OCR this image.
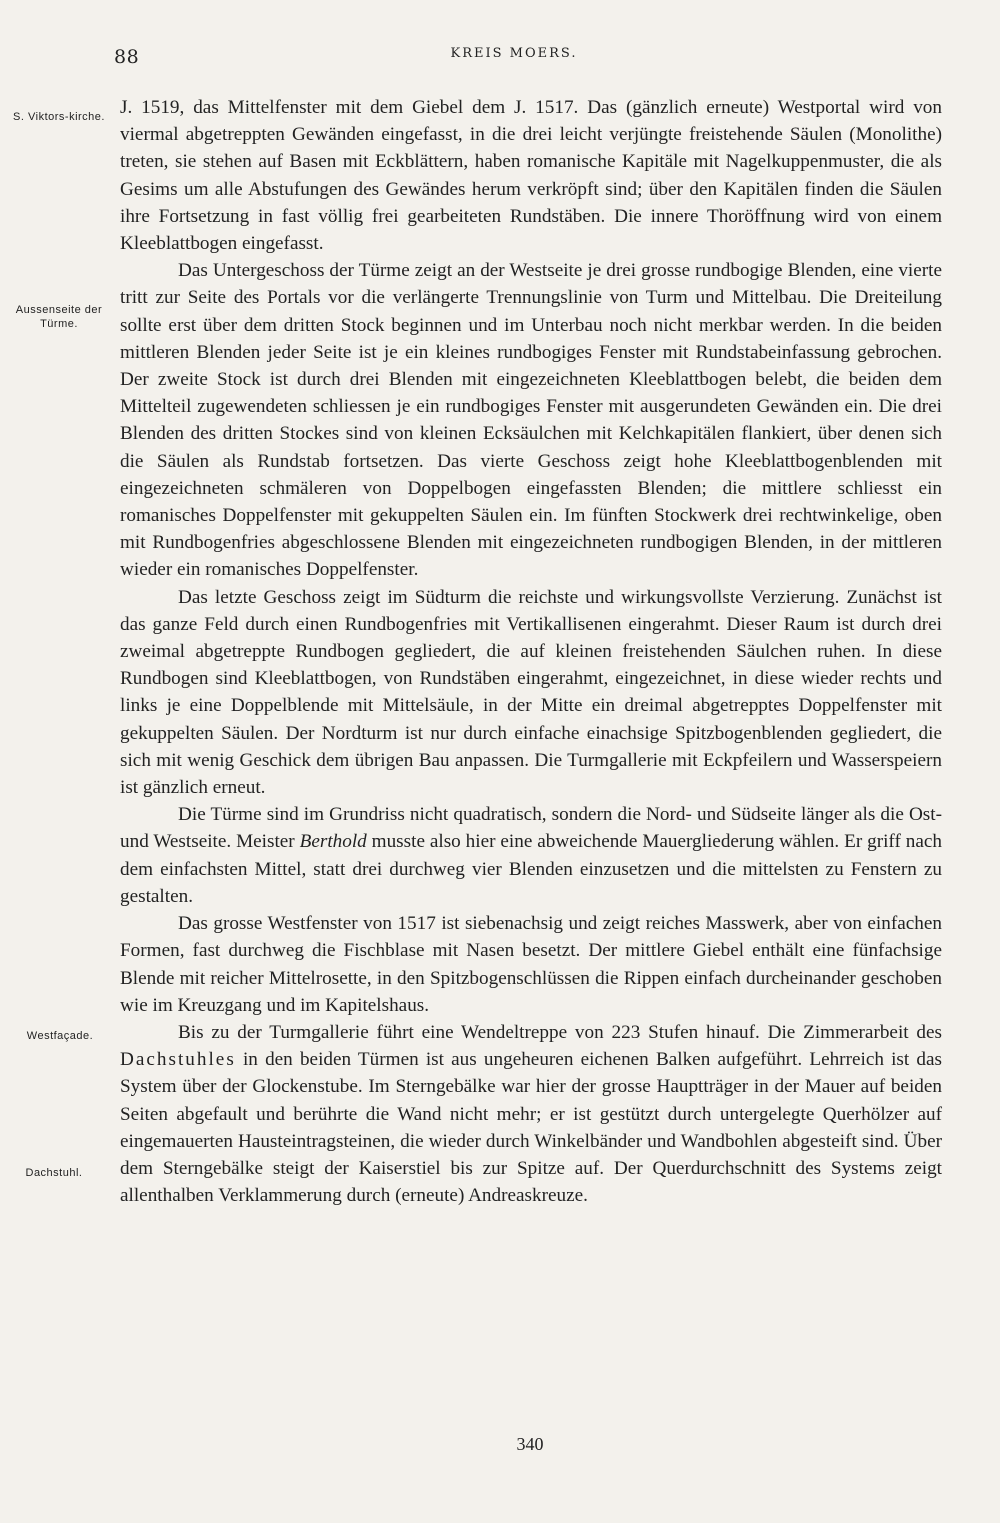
88	KREIS MOERS.
S. Viktors-kirche.
Aussenseite der Türme.
Westfaçade.
Dachstuhl.

J. 1519, das Mittelfenster mit dem Giebel dem J. 1517. Das (gänzlich erneute) Westportal wird von viermal abgetreppten Gewänden eingefasst, in die drei leicht verjüngte freistehende Säulen (Monolithe) treten, sie stehen auf Basen mit Eckblättern, haben romanische Kapitäle mit Nagelkuppenmuster, die als Gesims um alle Abstufungen des Gewändes herum verkröpft sind; über den Kapitälen finden die Säulen ihre Fortsetzung in fast völlig frei gearbeiteten Rundstäben. Die innere Thoröffnung wird von einem Kleeblattbogen eingefasst.

Das Untergeschoss der Türme zeigt an der Westseite je drei grosse rundbogige Blenden, eine vierte tritt zur Seite des Portals vor die verlängerte Trennungslinie von Turm und Mittelbau. Die Dreiteilung sollte erst über dem dritten Stock beginnen und im Unterbau noch nicht merkbar werden. In die beiden mittleren Blenden jeder Seite ist je ein kleines rundbogiges Fenster mit Rundstabeinfassung gebrochen. Der zweite Stock ist durch drei Blenden mit eingezeichneten Kleeblattbogen belebt, die beiden dem Mittelteil zugewendeten schliessen je ein rundbogiges Fenster mit ausgerundeten Gewänden ein. Die drei Blenden des dritten Stockes sind von kleinen Ecksäulchen mit Kelchkapitälen flankiert, über denen sich die Säulen als Rundstab fortsetzen. Das vierte Geschoss zeigt hohe Kleeblattbogenblenden mit eingezeichneten schmäleren von Doppelbogen eingefassten Blenden; die mittlere schliesst ein romanisches Doppelfenster mit gekuppelten Säulen ein. Im fünften Stockwerk drei rechtwinkelige, oben mit Rundbogenfries abgeschlossene Blenden mit eingezeichneten rundbogigen Blenden, in der mittleren wieder ein romanisches Doppelfenster.

Das letzte Geschoss zeigt im Südturm die reichste und wirkungsvollste Verzierung. Zunächst ist das ganze Feld durch einen Rundbogenfries mit Vertikallisenen eingerahmt. Dieser Raum ist durch drei zweimal abgetreppte Rundbogen gegliedert, die auf kleinen freistehenden Säulchen ruhen. In diese Rundbogen sind Kleeblattbogen, von Rundstäben eingerahmt, eingezeichnet, in diese wieder rechts und links je eine Doppelblende mit Mittelsäule, in der Mitte ein dreimal abgetrepptes Doppelfenster mit gekuppelten Säulen. Der Nordturm ist nur durch einfache einachsige Spitzbogenblenden gegliedert, die sich mit wenig Geschick dem übrigen Bau anpassen. Die Turmgallerie mit Eckpfeilern und Wasserspeiern ist gänzlich erneut.

Die Türme sind im Grundriss nicht quadratisch, sondern die Nord- und Südseite länger als die Ost- und Westseite. Meister Berthold musste also hier eine abweichende Mauergliederung wählen. Er griff nach dem einfachsten Mittel, statt drei durchweg vier Blenden einzusetzen und die mittelsten zu Fenstern zu gestalten.

Das grosse Westfenster von 1517 ist siebenachsig und zeigt reiches Masswerk, aber von einfachen Formen, fast durchweg die Fischblase mit Nasen besetzt. Der mittlere Giebel enthält eine fünfachsige Blende mit reicher Mittelrosette, in den Spitzbogenschlüssen die Rippen einfach durcheinander geschoben wie im Kreuzgang und im Kapitelshaus.

Bis zu der Turmgallerie führt eine Wendeltreppe von 223 Stufen hinauf. Die Zimmerarbeit des Dachstuhles in den beiden Türmen ist aus ungeheuren eichenen Balken aufgeführt. Lehrreich ist das System über der Glockenstube. Im Sterngebälke war hier der grosse Hauptträger in der Mauer auf beiden Seiten abgefault und berührte die Wand nicht mehr; er ist gestützt durch untergelegte Querhölzer auf eingemauerten Hausteintragsteinen, die wieder durch Winkelbänder und Wandbohlen abgesteift sind. Über dem Sterngebälke steigt der Kaiserstiel bis zur Spitze auf. Der Querdurchschnitt des Systems zeigt allenthalben Verklammerung durch (erneute) Andreaskreuze.

340
